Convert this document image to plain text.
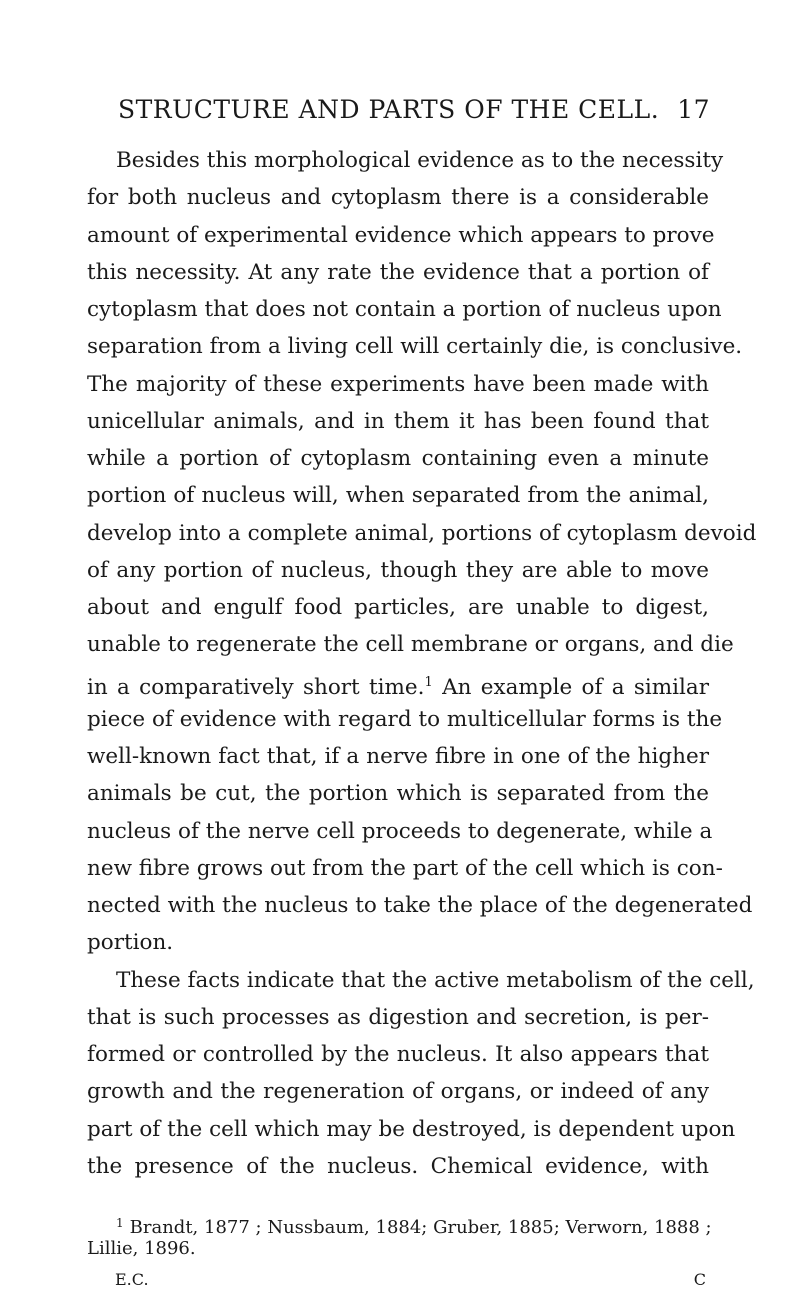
STRUCTURE AND PARTS OF THE CELL. 17
Besides this morphological evidence as to the necessity
for both nucleus and cytoplasm there is a considerable
amount of experimental evidence which appears to prove
this necessity. At any rate the evidence that a portion of
cytoplasm that does not contain a portion of nucleus upon
separation from a living cell will certainly die, is conclusive.
The majority of these experiments have been made with
unicellular animals, and in them it has been found that
while a portion of cytoplasm containing even a minute
portion of nucleus will, when separated from the animal,
develop into a complete animal, portions of cytoplasm devoid
of any portion of nucleus, though they are able to move
about and engulf food particles, are unable to digest,
unable to regenerate the cell membrane or organs, and die
in a comparatively short time.$^1$ An example of a similar
piece of evidence with regard to multicellular forms is the
well-known fact that, if a nerve fibre in one of the higher
animals be cut, the portion which is separated from the
nucleus of the nerve cell proceeds to degenerate, while a
new fibre grows out from the part of the cell which is con-
nected with the nucleus to take the place of the degenerated
portion.
These facts indicate that the active metabolism of the cell,
that is such processes as digestion and secretion, is per-
formed or controlled by the nucleus. It also appears that
growth and the regeneration of organs, or indeed of any
part of the cell which may be destroyed, is dependent upon
the presence of the nucleus. Chemical evidence, with
$^1$ Brandt, 1877 ; Nussbaum, 1884; Gruber, 1885; Verworn, 1888 ;
Lillie, 1896.
E.C.	C
